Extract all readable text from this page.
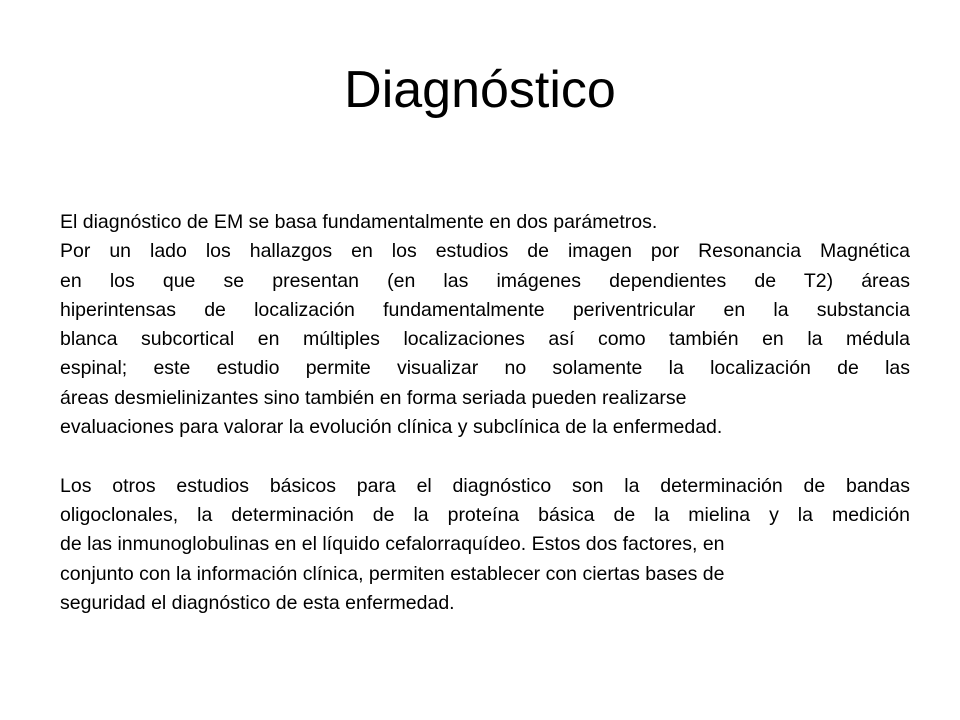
Diagnóstico
El diagnóstico de EM se basa fundamentalmente en dos parámetros.
Por un lado los hallazgos en los estudios de imagen por Resonancia Magnética
en los que se presentan (en las imágenes dependientes de T2) áreas
hiperintensas de localización fundamentalmente periventricular en la substancia
blanca subcortical en múltiples localizaciones así como también en la médula
espinal; este estudio permite visualizar no solamente la localización de las
áreas desmielinizantes sino también en forma seriada pueden realizarse
evaluaciones para valorar la evolución clínica y subclínica de la enfermedad.
Los otros estudios básicos para el diagnóstico son la determinación de bandas
oligoclonales, la determinación de la proteína básica de la mielina y la medición
de las inmunoglobulinas en el líquido cefalorraquídeo. Estos dos factores, en
conjunto con la información clínica, permiten establecer con ciertas bases de
seguridad el diagnóstico de esta enfermedad.
